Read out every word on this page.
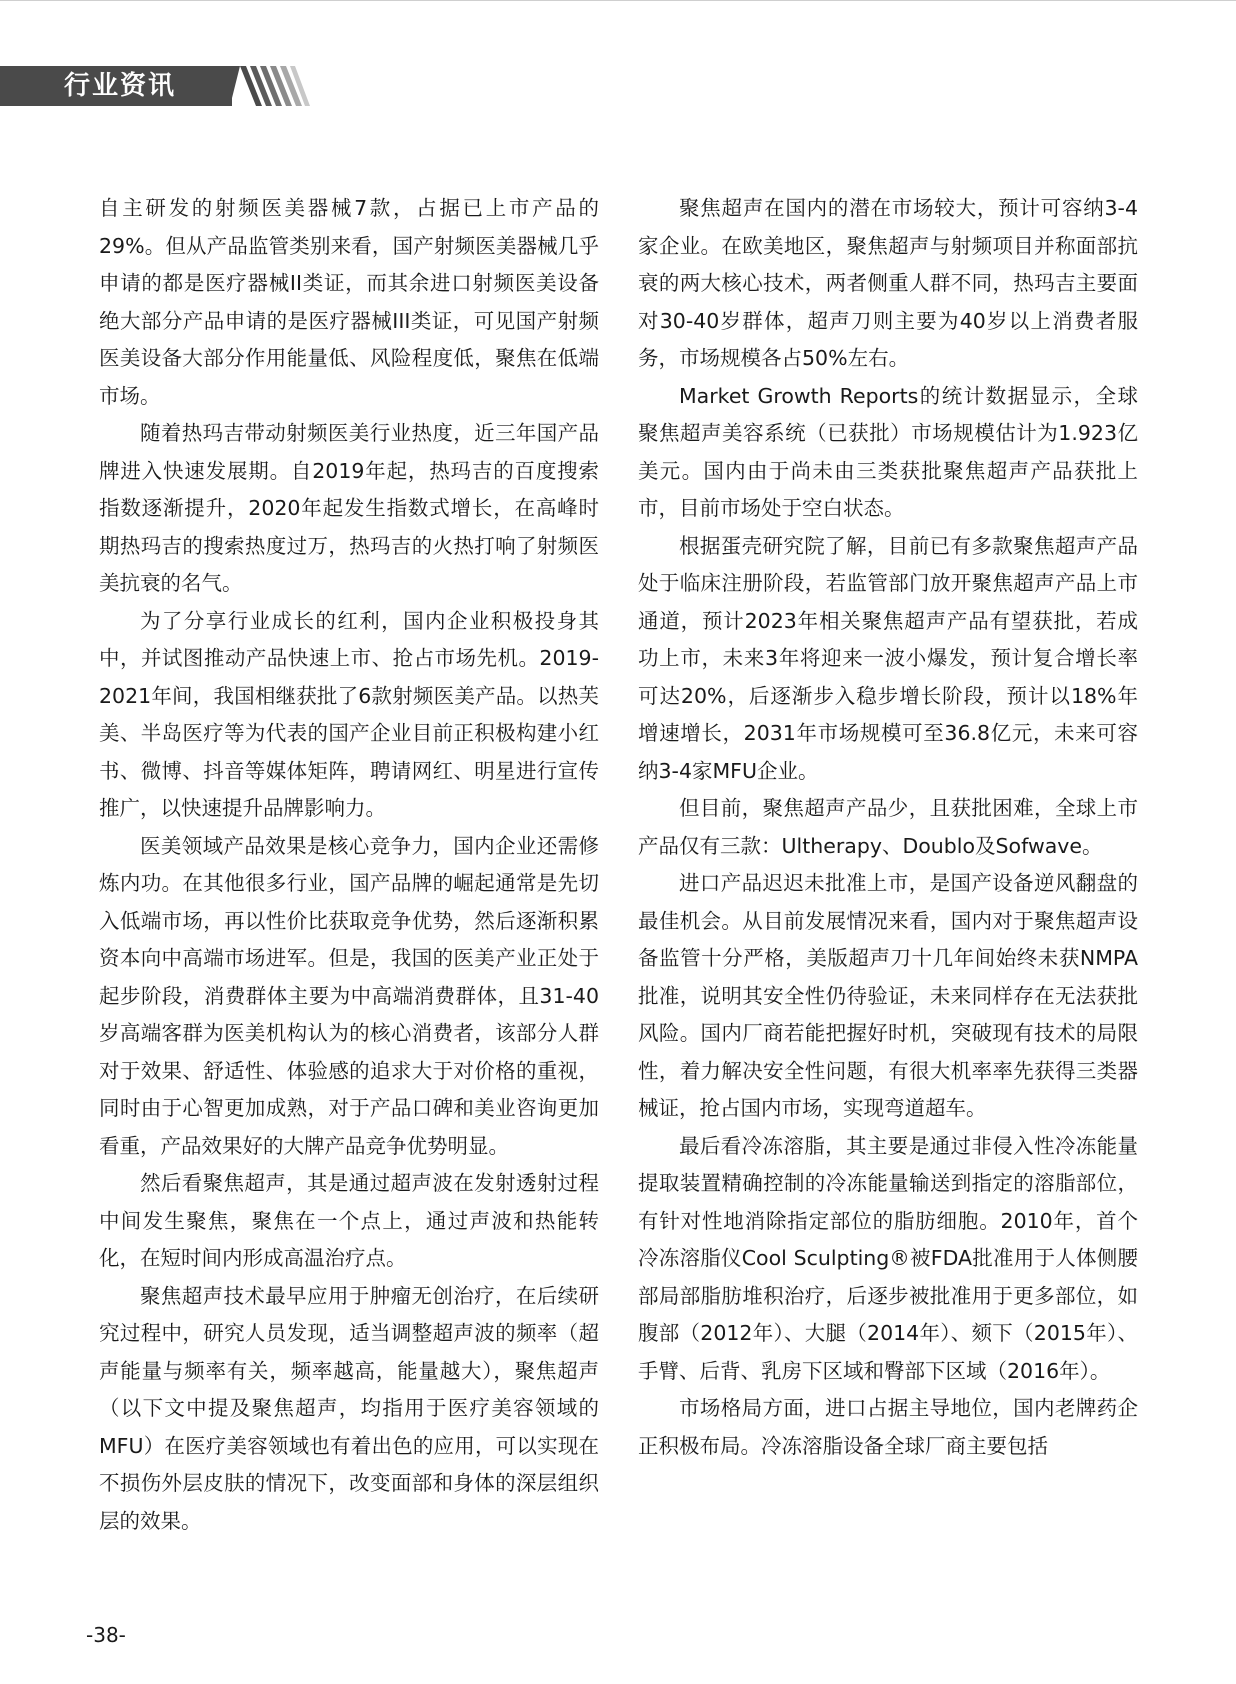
行业资讯

自主研发的射频医美器械7款，占据已上市产品的29%。但从产品监管类别来看，国产射频医美器械几乎申请的都是医疗器械II类证，而其余进口射频医美设备绝大部分产品申请的是医疗器械III类证，可见国产射频医美设备大部分作用能量低、风险程度低，聚焦在低端市场。

随着热玛吉带动射频医美行业热度，近三年国产品牌进入快速发展期。自2019年起，热玛吉的百度搜索指数逐渐提升，2020年起发生指数式增长，在高峰时期热玛吉的搜索热度过万，热玛吉的火热打响了射频医美抗衰的名气。

为了分享行业成长的红利，国内企业积极投身其中，并试图推动产品快速上市、抢占市场先机。2019-2021年间，我国相继获批了6款射频医美产品。以热芙美、半岛医疗等为代表的国产企业目前正积极构建小红书、微博、抖音等媒体矩阵，聘请网红、明星进行宣传推广，以快速提升品牌影响力。

医美领域产品效果是核心竞争力，国内企业还需修炼内功。在其他很多行业，国产品牌的崛起通常是先切入低端市场，再以性价比获取竞争优势，然后逐渐积累资本向中高端市场进军。但是，我国的医美产业正处于起步阶段，消费群体主要为中高端消费群体，且31-40岁高端客群为医美机构认为的核心消费者，该部分人群对于效果、舒适性、体验感的追求大于对价格的重视，同时由于心智更加成熟，对于产品口碑和美业咨询更加看重，产品效果好的大牌产品竞争优势明显。

然后看聚焦超声，其是通过超声波在发射透射过程中间发生聚焦，聚焦在一个点上，通过声波和热能转化，在短时间内形成高温治疗点。

聚焦超声技术最早应用于肿瘤无创治疗，在后续研究过程中，研究人员发现，适当调整超声波的频率（超声能量与频率有关，频率越高，能量越大），聚焦超声（以下文中提及聚焦超声，均指用于医疗美容领域的MFU）在医疗美容领域也有着出色的应用，可以实现在不损伤外层皮肤的情况下，改变面部和身体的深层组织层的效果。

聚焦超声在国内的潜在市场较大，预计可容纳3-4家企业。在欧美地区，聚焦超声与射频项目并称面部抗衰的两大核心技术，两者侧重人群不同，热玛吉主要面对30-40岁群体，超声刀则主要为40岁以上消费者服务，市场规模各占50%左右。

Market Growth Reports的统计数据显示，全球聚焦超声美容系统（已获批）市场规模估计为1.923亿美元。国内由于尚未由三类获批聚焦超声产品获批上市，目前市场处于空白状态。

根据蛋壳研究院了解，目前已有多款聚焦超声产品处于临床注册阶段，若监管部门放开聚焦超声产品上市通道，预计2023年相关聚焦超声产品有望获批，若成功上市，未来3年将迎来一波小爆发，预计复合增长率可达20%，后逐渐步入稳步增长阶段，预计以18%年增速增长，2031年市场规模可至36.8亿元，未来可容纳3-4家MFU企业。

但目前，聚焦超声产品少，且获批困难，全球上市产品仅有三款：Ultherapy、Doublo及Sofwave。

进口产品迟迟未批准上市，是国产设备逆风翻盘的最佳机会。从目前发展情况来看，国内对于聚焦超声设备监管十分严格，美版超声刀十几年间始终未获NMPA批准，说明其安全性仍待验证，未来同样存在无法获批风险。国内厂商若能把握好时机，突破现有技术的局限性，着力解决安全性问题，有很大机率率先获得三类器械证，抢占国内市场，实现弯道超车。

最后看冷冻溶脂，其主要是通过非侵入性冷冻能量提取装置精确控制的冷冻能量输送到指定的溶脂部位，有针对性地消除指定部位的脂肪细胞。2010年，首个冷冻溶脂仪Cool Sculpting®被FDA批准用于人体侧腰部局部脂肪堆积治疗，后逐步被批准用于更多部位，如腹部（2012年）、大腿（2014年）、颏下（2015年）、手臂、后背、乳房下区域和臀部下区域（2016年）。

市场格局方面，进口占据主导地位，国内老牌药企正积极布局。冷冻溶脂设备全球厂商主要包括

-38-
